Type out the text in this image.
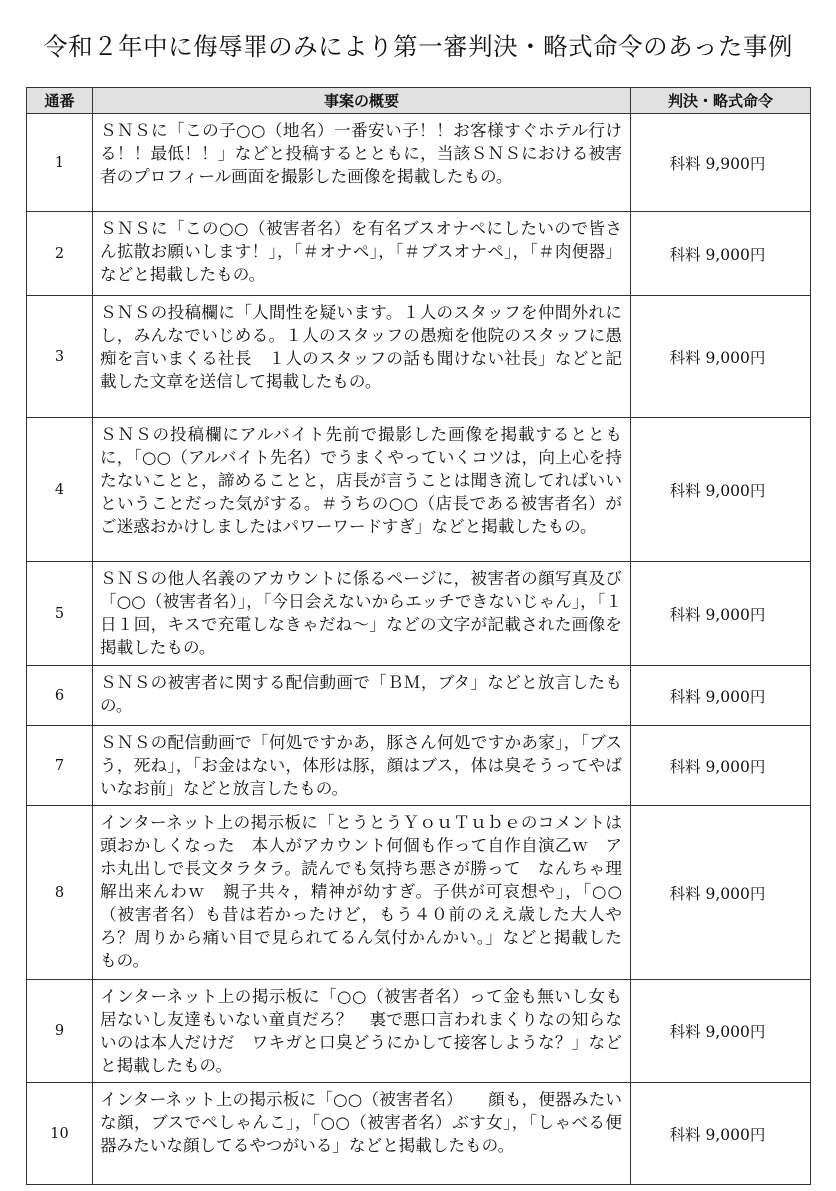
令和２年中に侮辱罪のみにより第一審判決・略式命令のあった事例
通番	事案の概要	判決・略式命令
1	ＳＮＳに「この子○○（地名）一番安い子！！お客様すぐホテル行ける！！最低！！」などと投稿するとともに，当該ＳＮＳにおける被害者のプロフィール画面を撮影した画像を掲載したもの。	科料 9,900円
2	ＳＮＳに「この○○（被害者名）を有名ブスオナペにしたいので皆さん拡散お願いします！」，「＃オナペ」，「＃ブスオナペ」，「＃肉便器」などと掲載したもの。	科料 9,000円
3	ＳＮＳの投稿欄に「人間性を疑います。１人のスタッフを仲間外れにし，みんなでいじめる。１人のスタッフの愚痴を他院のスタッフに愚痴を言いまくる社長　１人のスタッフの話も聞けない社長」などと記載した文章を送信して掲載したもの。	科料 9,000円
4	ＳＮＳの投稿欄にアルバイト先前で撮影した画像を掲載するとともに，「○○（アルバイト先名）でうまくやっていくコツは，向上心を持たないことと，諦めることと，店長が言うことは聞き流してればいいということだった気がする。＃うちの○○（店長である被害者名）がご迷惑おかけしましたはパワーワードすぎ」などと掲載したもの。	科料 9,000円
5	ＳＮＳの他人名義のアカウントに係るページに，被害者の顔写真及び「○○（被害者名）」，「今日会えないからエッチできないじゃん」，「１日１回，キスで充電しなきゃだね～」などの文字が記載された画像を掲載したもの。	科料 9,000円
6	ＳＮＳの被害者に関する配信動画で「ＢＭ，ブタ」などと放言したもの。	科料 9,000円
7	ＳＮＳの配信動画で「何処ですかあ，豚さん何処ですかあ家」，「ブスう，死ね」，「お金はない，体形は豚，顔はブス，体は臭そうってやばいなお前」などと放言したもの。	科料 9,000円
8	インターネット上の掲示板に「とうとうＹｏｕＴｕｂｅのコメントは頭おかしくなった　本人がアカウント何個も作って自作自演乙ｗ　アホ丸出しで長文タラタラ。読んでも気持ち悪さが勝って　なんちゃ理解出来んわｗ　親子共々，精神が幼すぎ。子供が可哀想や」，「○○（被害者名）も昔は若かったけど，もう４０前のええ歳した大人やろ？周りから痛い目で見られてるん気付かんかい。」などと掲載したもの。	科料 9,000円
9	インターネット上の掲示板に「○○（被害者名）って金も無いし女も居ないし友達もいない童貞だろ？　裏で悪口言われまくりなの知らないのは本人だけだ　ワキガと口臭どうにかして接客しような？」などと掲載したもの。	科料 9,000円
10	インターネット上の掲示板に「○○（被害者名）　　顔も，便器みたいな顔，ブスでぺしゃんこ」，「○○（被害者名）ぶす女」，「しゃべる便器みたいな顔してるやつがいる」などと掲載したもの。	科料 9,000円
